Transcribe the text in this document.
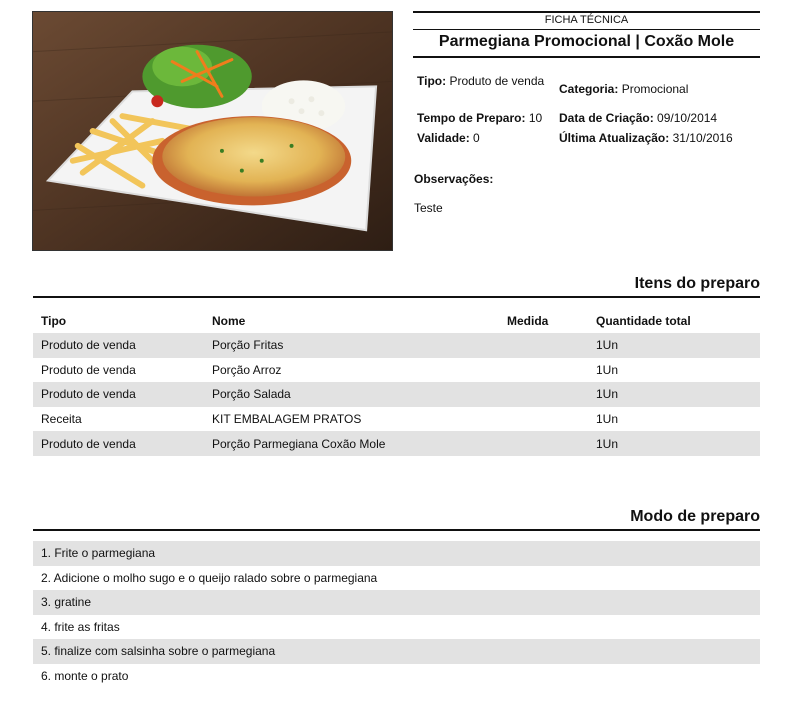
FICHA TÉCNICA
Parmegiana Promocional | Coxão Mole
Tipo: Produto de venda
Categoria: Promocional
Tempo de Preparo: 10	Data de Criação: 09/10/2014
Validade: 0	Última Atualização: 31/10/2016
Observações:
Teste
Itens do preparo
Tipo	Nome	Medida	Quantidade total
Produto de venda	Porção Fritas		1Un
Produto de venda	Porção Arroz		1Un
Produto de venda	Porção Salada		1Un
Receita	KIT EMBALAGEM PRATOS		1Un
Produto de venda	Porção Parmegiana Coxão Mole		1Un
Modo de preparo
1. Frite o parmegiana
2. Adicione o molho sugo e o queijo ralado sobre o parmegiana
3. gratine
4. frite as fritas
5. finalize com salsinha sobre o parmegiana
6. monte o prato
